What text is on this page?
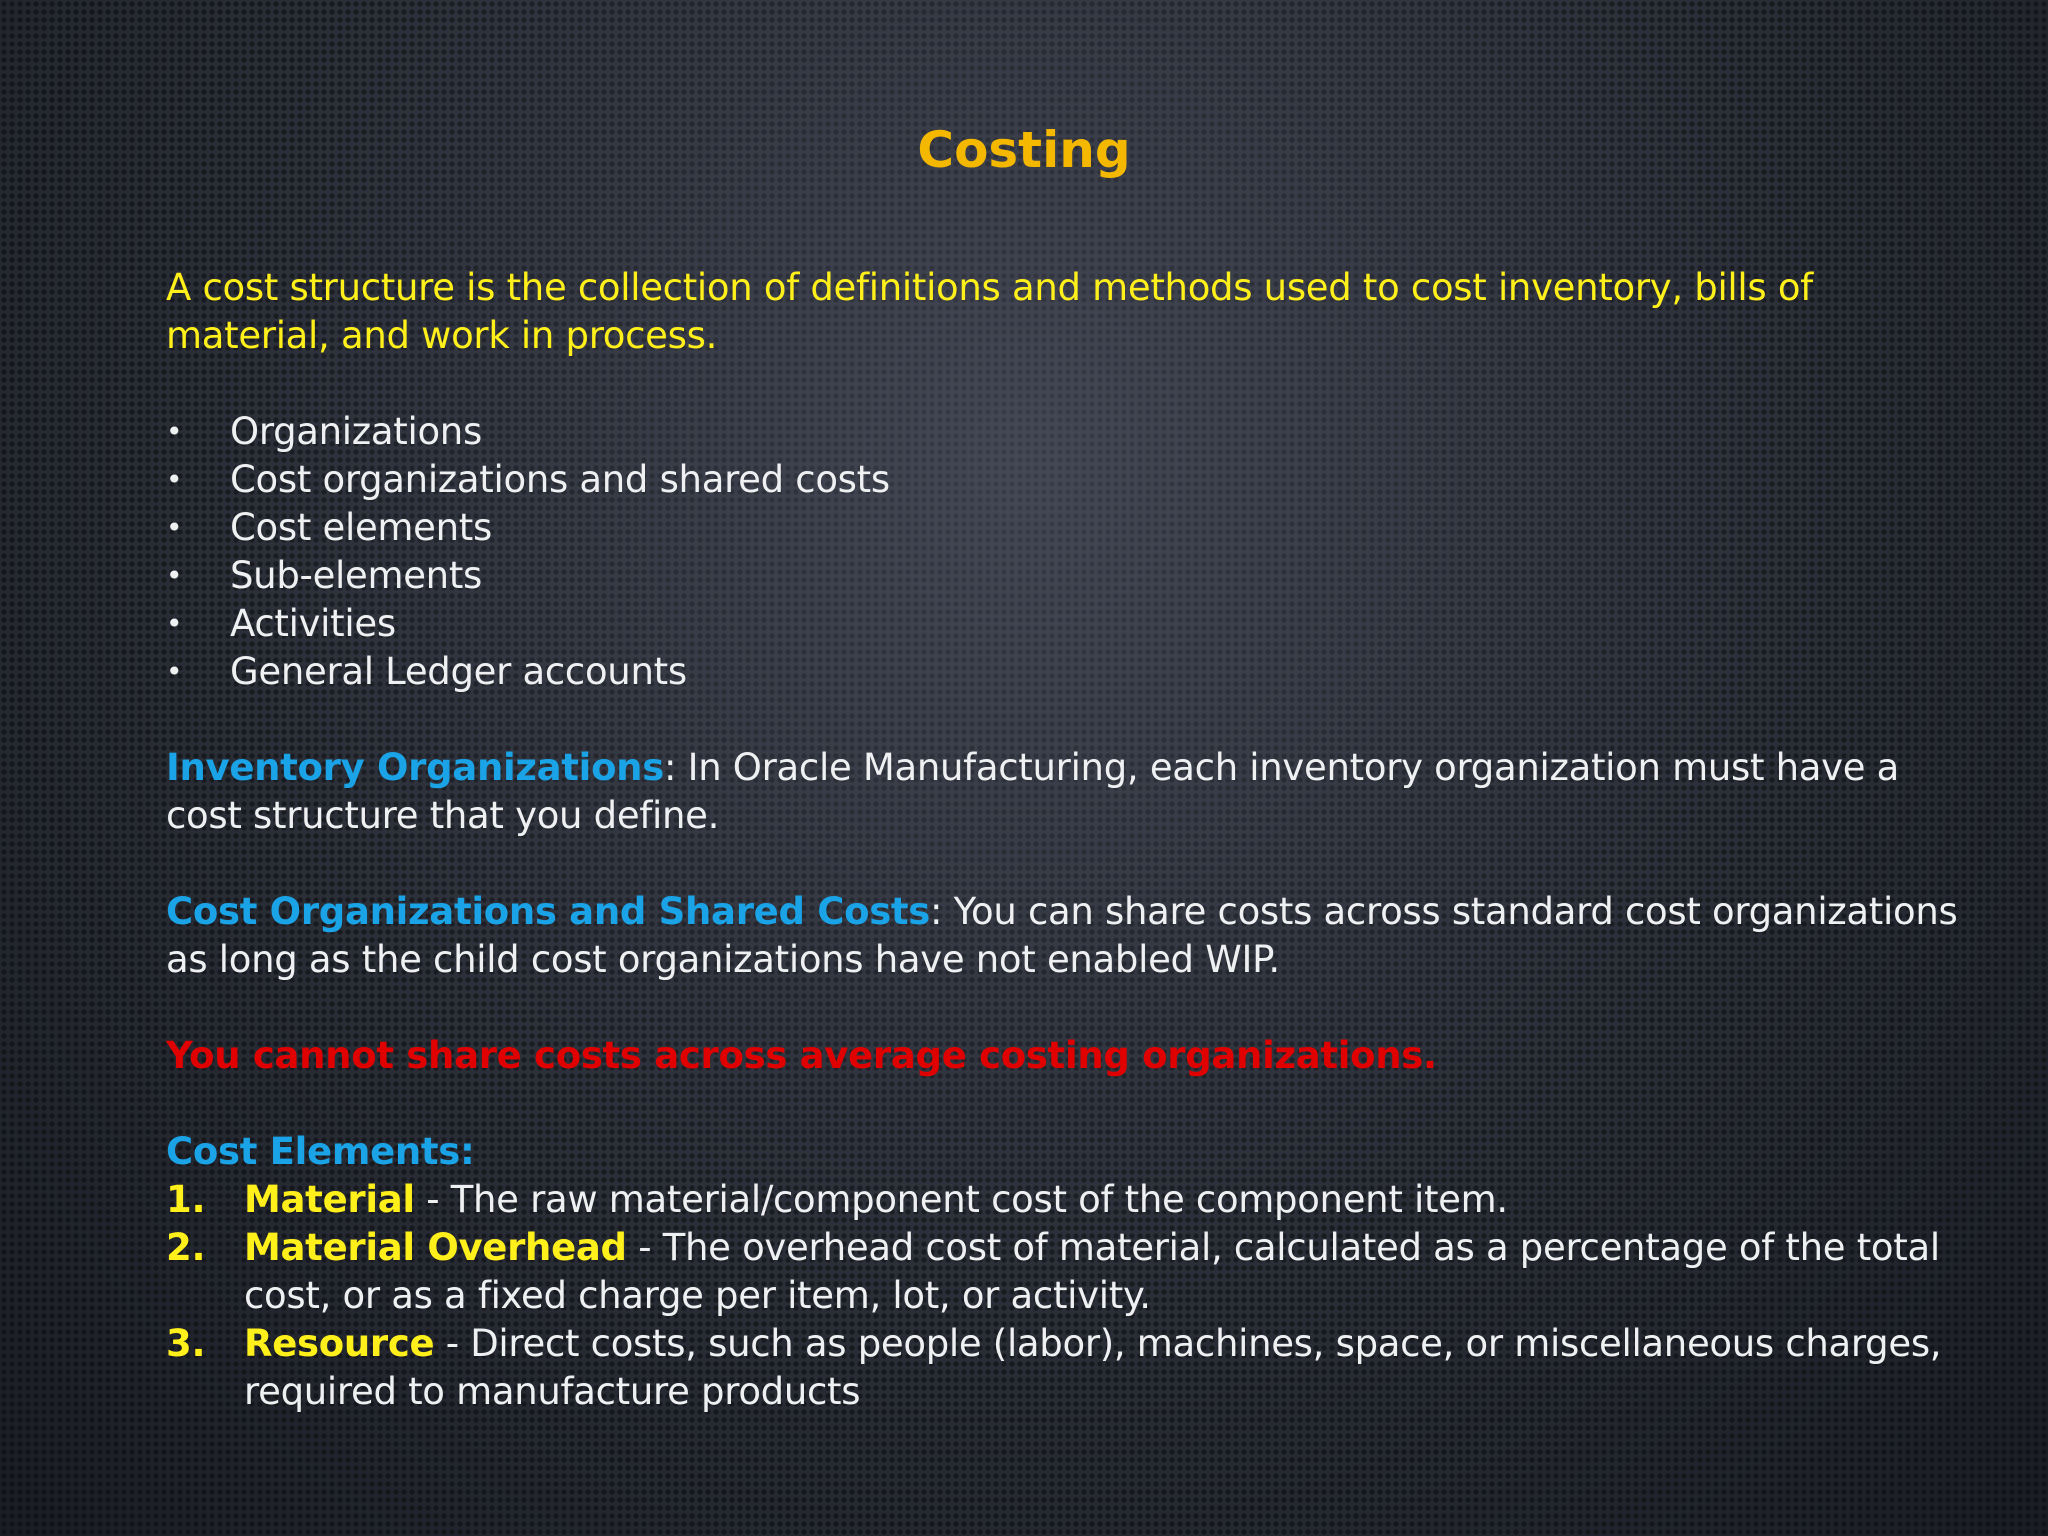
Costing

A cost structure is the collection of definitions and methods used to cost inventory, bills of material, and work in process.

•	Organizations
•	Cost organizations and shared costs
•	Cost elements
•	Sub-elements
•	Activities
•	General Ledger accounts

Inventory Organizations: In Oracle Manufacturing, each inventory organization must have a cost structure that you define.

Cost Organizations and Shared Costs: You can share costs across standard cost organizations as long as the child cost organizations have not enabled WIP.

You cannot share costs across average costing organizations.

Cost Elements:

1.	Material - The raw material/component cost of the component item.
2.	Material Overhead - The overhead cost of material, calculated as a percentage of the total cost, or as a fixed charge per item, lot, or activity.
3.	Resource - Direct costs, such as people (labor), machines, space, or miscellaneous charges, required to manufacture products
